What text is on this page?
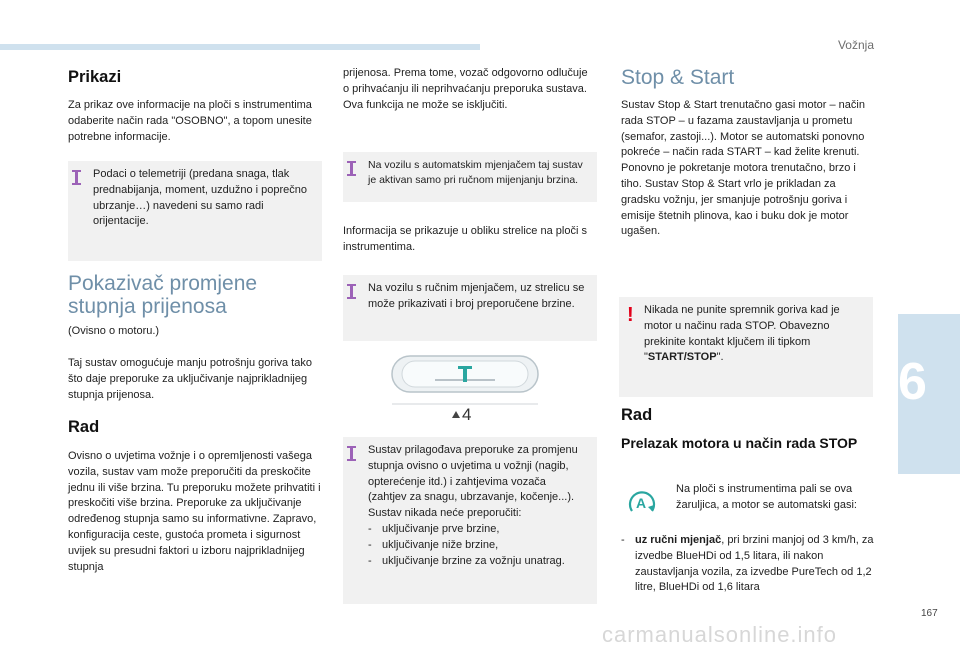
Vožnja
6
167
carmanualsonline.info
Prikazi
Za prikaz ove informacije na ploči s instrumentima odaberite način rada "OSOBNO", a topom unesite potrebne informacije.
Podaci o telemetriji (predana snaga, tlak prednabijanja, moment, uzdužno i poprečno ubrzanje…) navedeni su samo radi orijentacije.
Pokazivač promjene stupnja prijenosa
(Ovisno o motoru.)
Taj sustav omogućuje manju potrošnju goriva tako što daje preporuke za uključivanje najprikladnijeg stupnja prijenosa.
Rad
Ovisno o uvjetima vožnje i o opremljenosti vašega vozila, sustav vam može preporučiti da preskočite jednu ili više brzina. Tu preporuku možete prihvatiti i preskočiti više brzina. Preporuke za uključivanje određenog stupnja samo su informativne. Zapravo, konfiguracija ceste, gustoća prometa i sigurnost uvijek su presudni faktori u izboru najprikladnijeg stupnja
prijenosa. Prema tome, vozač odgovorno odlučuje o prihvaćanju ili neprihvaćanju preporuka sustava.
Ova funkcija ne može se isključiti.
Na vozilu s automatskim mjenjačem taj sustav je aktivan samo pri ručnom mijenjanju brzina.
Informacija se prikazuje u obliku strelice na ploči s instrumentima.
Na vozilu s ručnim mjenjačem, uz strelicu se može prikazivati i broj preporučene brzine.
4
Sustav prilagođava preporuke za promjenu stupnja ovisno o uvjetima u vožnji (nagib, opterećenje itd.) i zahtjevima vozača (zahtjev za snagu, ubrzavanje, kočenje...).
Sustav nikada neće preporučiti:
- uključivanje prve brzine,
- uključivanje niže brzine,
- uključivanje brzine za vožnju unatrag.
Stop & Start
Sustav Stop & Start trenutačno gasi motor – način rada STOP – u fazama zaustavljanja u prometu (semafor, zastoji...). Motor se automatski ponovno pokreće – način rada START – kad želite krenuti. Ponovno je pokretanje motora trenutačno, brzo i tiho. Sustav Stop & Start vrlo je prikladan za gradsku vožnju, jer smanjuje potrošnju goriva i emisije štetnih plinova, kao i buku dok je motor ugašen.
! Nikada ne punite spremnik goriva kad je motor u načinu rada STOP. Obavezno prekinite kontakt ključem ili tipkom "START/STOP".
Rad
Prelazak motora u način rada STOP
A
Na ploči s instrumentima pali se ova žaruljica, a motor se automatski gasi:
- uz ručni mjenjač, pri brzini manjoj od 3 km/h, za izvedbe BlueHDi od 1,5 litara, ili nakon zaustavljanja vozila, za izvedbe PureTech od 1,2 litre, BlueHDi od 1,6 litara
